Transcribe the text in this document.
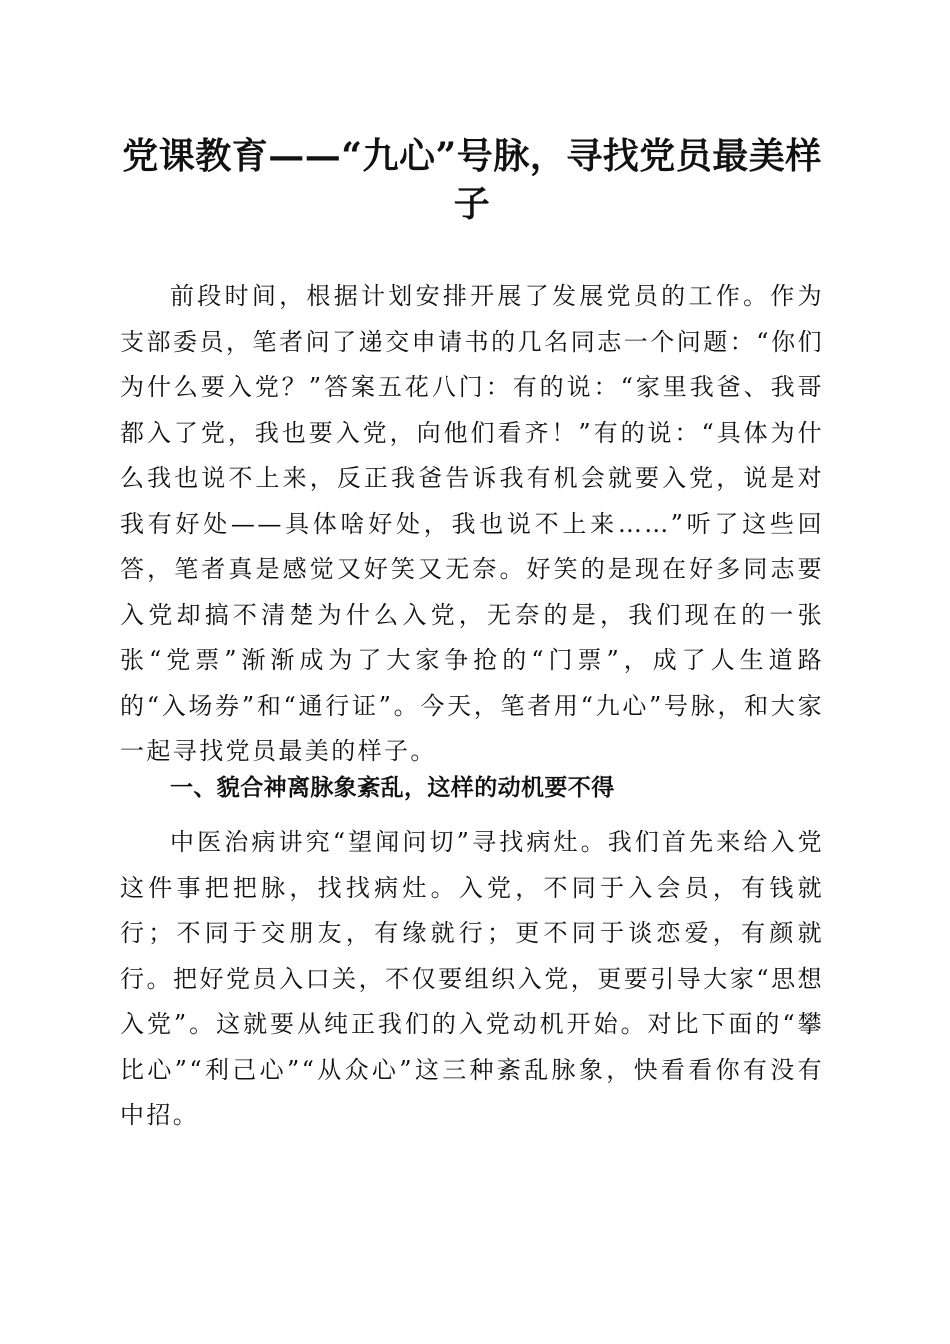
党课教育——“九心”号脉，寻找党员最美样子

前段时间，根据计划安排开展了发展党员的工作。作为支部委员，笔者问了递交申请书的几名同志一个问题：“你们为什么要入党？”答案五花八门：有的说：“家里我爸、我哥都入了党，我也要入党，向他们看齐！”有的说：“具体为什么我也说不上来，反正我爸告诉我有机会就要入党，说是对我有好处——具体啥好处，我也说不上来……”听了这些回答，笔者真是感觉又好笑又无奈。好笑的是现在好多同志要入党却搞不清楚为什么入党，无奈的是，我们现在的一张张“党票”渐渐成为了大家争抢的“门票”，成了人生道路的“入场券”和“通行证”。今天，笔者用“九心”号脉，和大家一起寻找党员最美的样子。

一、貌合神离脉象紊乱，这样的动机要不得

中医治病讲究“望闻问切”寻找病灶。我们首先来给入党这件事把把脉，找找病灶。入党，不同于入会员，有钱就行；不同于交朋友，有缘就行；更不同于谈恋爱，有颜就行。把好党员入口关，不仅要组织入党，更要引导大家“思想入党”。这就要从纯正我们的入党动机开始。对比下面的“攀比心”“利己心”“从众心”这三种紊乱脉象，快看看你有没有中招。
